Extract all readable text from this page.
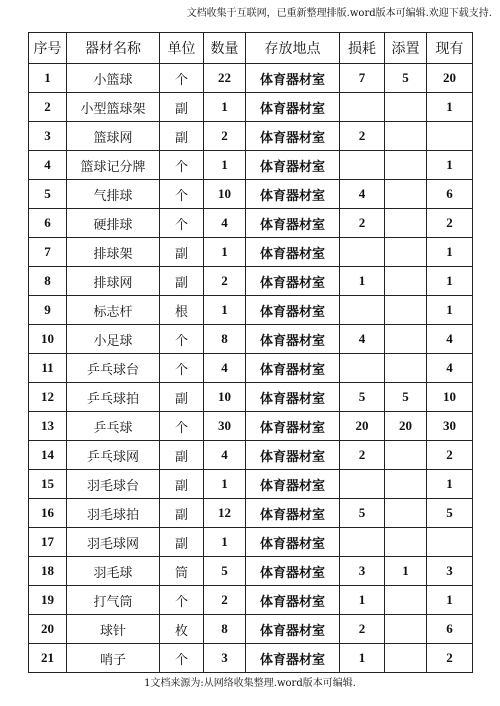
文档收集于互联网，已重新整理排版.word版本可编辑.欢迎下载支持.
序号	器材名称	单位	数量	存放地点	损耗	添置	现有
1	小篮球	个	22	体育器材室	7	5	20
2	小型篮球架	副	1	体育器材室			1
3	篮球网	副	2	体育器材室	2		
4	篮球记分牌	个	1	体育器材室			1
5	气排球	个	10	体育器材室	4		6
6	硬排球	个	4	体育器材室	2		2
7	排球架	副	1	体育器材室			1
8	排球网	副	2	体育器材室	1		1
9	标志杆	根	1	体育器材室			1
10	小足球	个	8	体育器材室	4		4
11	乒乓球台	个	4	体育器材室			4
12	乒乓球拍	副	10	体育器材室	5	5	10
13	乒乓球	个	30	体育器材室	20	20	30
14	乒乓球网	副	4	体育器材室	2		2
15	羽毛球台	副	1	体育器材室			1
16	羽毛球拍	副	12	体育器材室	5		5
17	羽毛球网	副	1	体育器材室			
18	羽毛球	筒	5	体育器材室	3	1	3
19	打气筒	个	2	体育器材室	1		1
20	球针	枚	8	体育器材室	2		6
21	哨子	个	3	体育器材室	1		2
1文档来源为:从网络收集整理.word版本可编辑.
